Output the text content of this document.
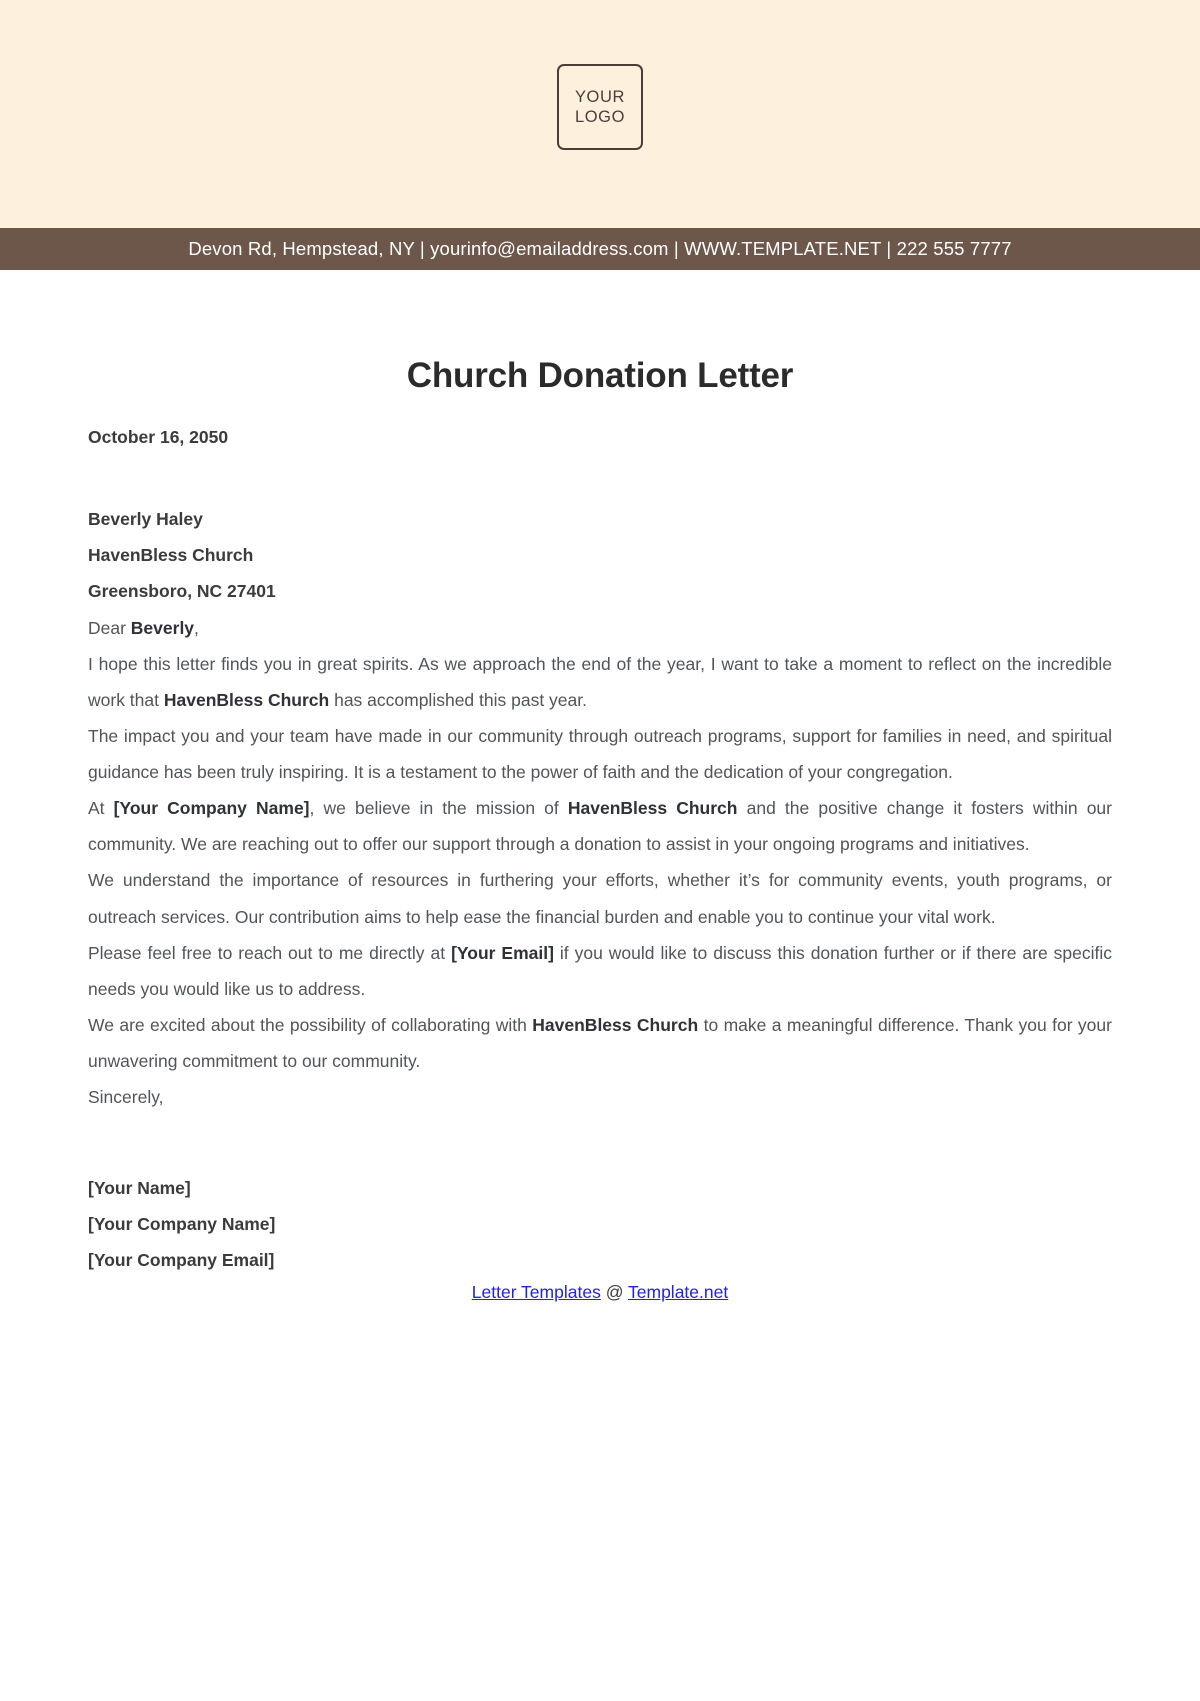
YOUR
LOGO
Devon Rd, Hempstead, NY | yourinfo@emailaddress.com | WWW.TEMPLATE.NET | 222 555 7777
Church Donation Letter
October 16, 2050
Beverly Haley
HavenBless Church
Greensboro, NC 27401
Dear Beverly,

I hope this letter finds you in great spirits. As we approach the end of the year, I want to take a moment to reflect on the incredible work that HavenBless Church has accomplished this past year.

The impact you and your team have made in our community through outreach programs, support for families in need, and spiritual guidance has been truly inspiring. It is a testament to the power of faith and the dedication of your congregation.

At [Your Company Name], we believe in the mission of HavenBless Church and the positive change it fosters within our community. We are reaching out to offer our support through a donation to assist in your ongoing programs and initiatives.

We understand the importance of resources in furthering your efforts, whether it’s for community events, youth programs, or outreach services. Our contribution aims to help ease the financial burden and enable you to continue your vital work.

Please feel free to reach out to me directly at [Your Email] if you would like to discuss this donation further or if there are specific needs you would like us to address.

We are excited about the possibility of collaborating with HavenBless Church to make a meaningful difference. Thank you for your unwavering commitment to our community.

Sincerely,
[Your Name]
[Your Company Name]
[Your Company Email]
Letter Templates @ Template.net
